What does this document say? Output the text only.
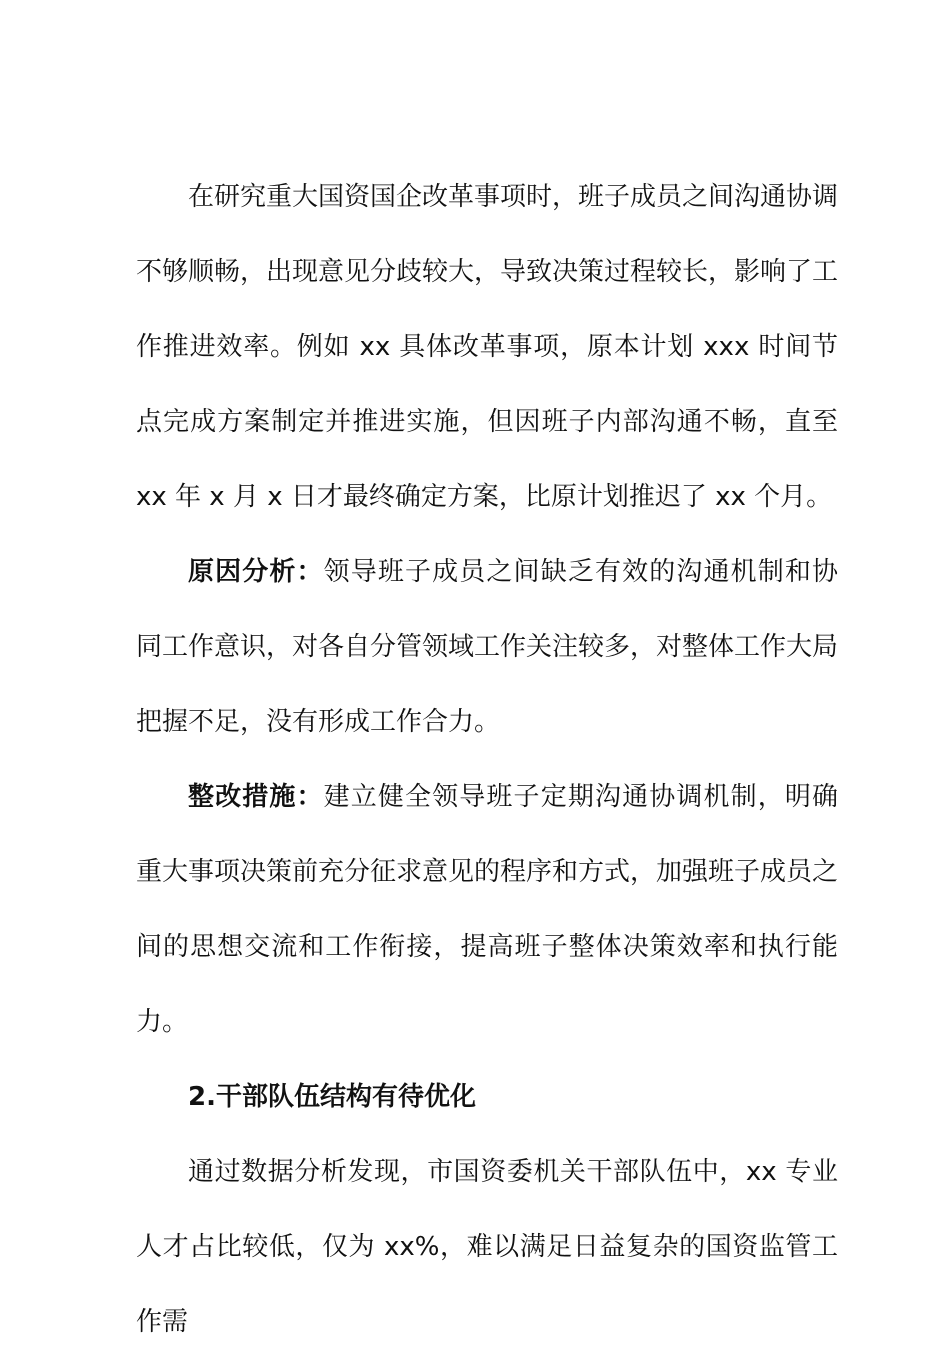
在研究重大国资国企改革事项时，班子成员之间沟通协调不够顺畅，出现意见分歧较大，导致决策过程较长，影响了工作推进效率。例如 xx 具体改革事项，原本计划 xxx 时间节点完成方案制定并推进实施，但因班子内部沟通不畅，直至 xx 年 x 月 x 日才最终确定方案，比原计划推迟了 xx 个月。

原因分析：领导班子成员之间缺乏有效的沟通机制和协同工作意识，对各自分管领域工作关注较多，对整体工作大局把握不足，没有形成工作合力。

整改措施：建立健全领导班子定期沟通协调机制，明确重大事项决策前充分征求意见的程序和方式，加强班子成员之间的思想交流和工作衔接，提高班子整体决策效率和执行能力。

2.干部队伍结构有待优化

通过数据分析发现，市国资委机关干部队伍中，xx 专业人才占比较低，仅为 xx%，难以满足日益复杂的国资监管工作需
